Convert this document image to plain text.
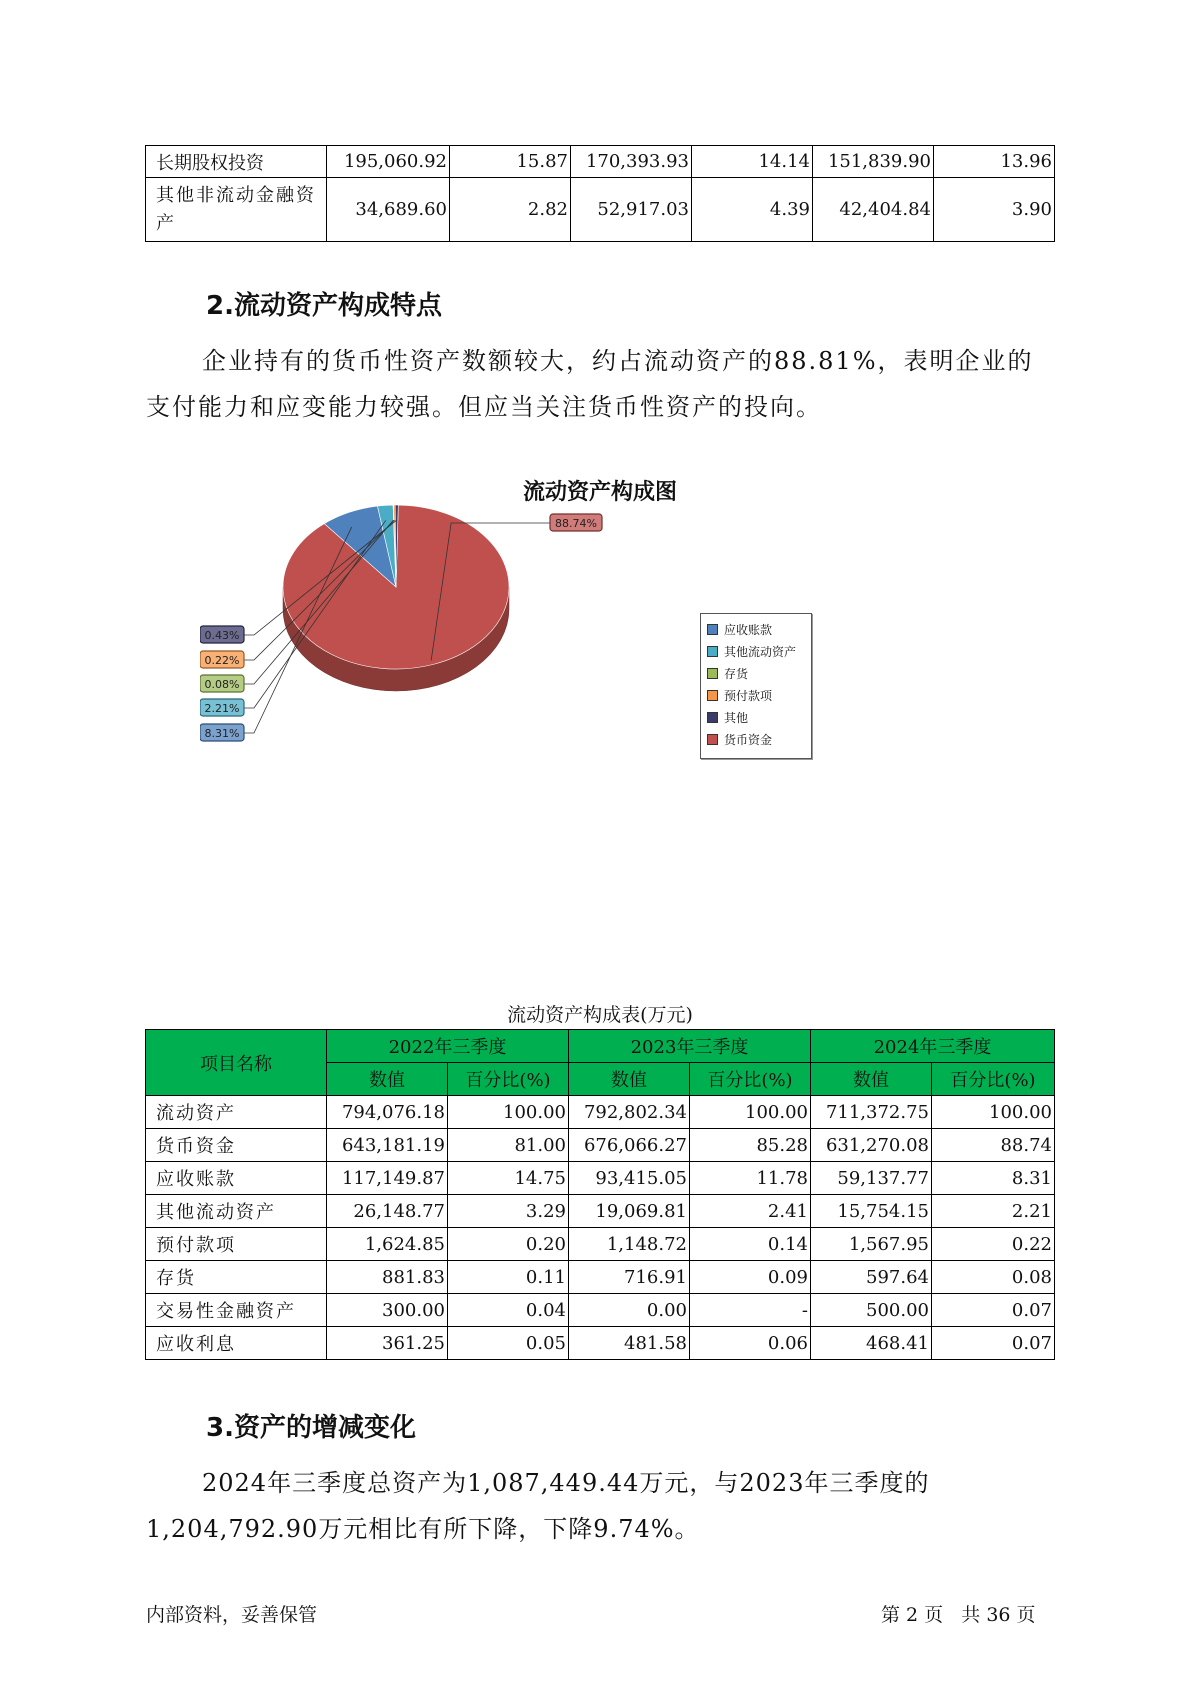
长期股权投资	195,060.92	15.87	170,393.93	14.14	151,839.90	13.96
其他非流动金融资产	34,689.60	2.82	52,917.03	4.39	42,404.84	3.90
2.流动资产构成特点

企业持有的货币性资产数额较大，约占流动资产的88.81%，表明企业的支付能力和应变能力较强。但应当关注货币性资产的投向。

流动资产构成图
8.31%
2.21%
0.08%
0.22%
0.43%
88.74%
应收账款
其他流动资产
存货
预付款项
其他
货币资金
流动资产构成表(万元)
项目名称	2022年三季度		2023年三季度		2024年三季度	
	数值	百分比(%)	数值	百分比(%)	数值	百分比(%)
流动资产	794,076.18	100.00	792,802.34	100.00	711,372.75	100.00
货币资金	643,181.19	81.00	676,066.27	85.28	631,270.08	88.74
应收账款	117,149.87	14.75	93,415.05	11.78	59,137.77	8.31
其他流动资产	26,148.77	3.29	19,069.81	2.41	15,754.15	2.21
预付款项	1,624.85	0.20	1,148.72	0.14	1,567.95	0.22
存货	881.83	0.11	716.91	0.09	597.64	0.08
交易性金融资产	300.00	0.04	0.00	-	500.00	0.07
应收利息	361.25	0.05	481.58	0.06	468.41	0.07
3.资产的增减变化

2024年三季度总资产为1,087,449.44万元，与2023年三季度的

1,204,792.90万元相比有所下降，下降9.74%。

内部资料，妥善保管	第 2 页   共 36 页
